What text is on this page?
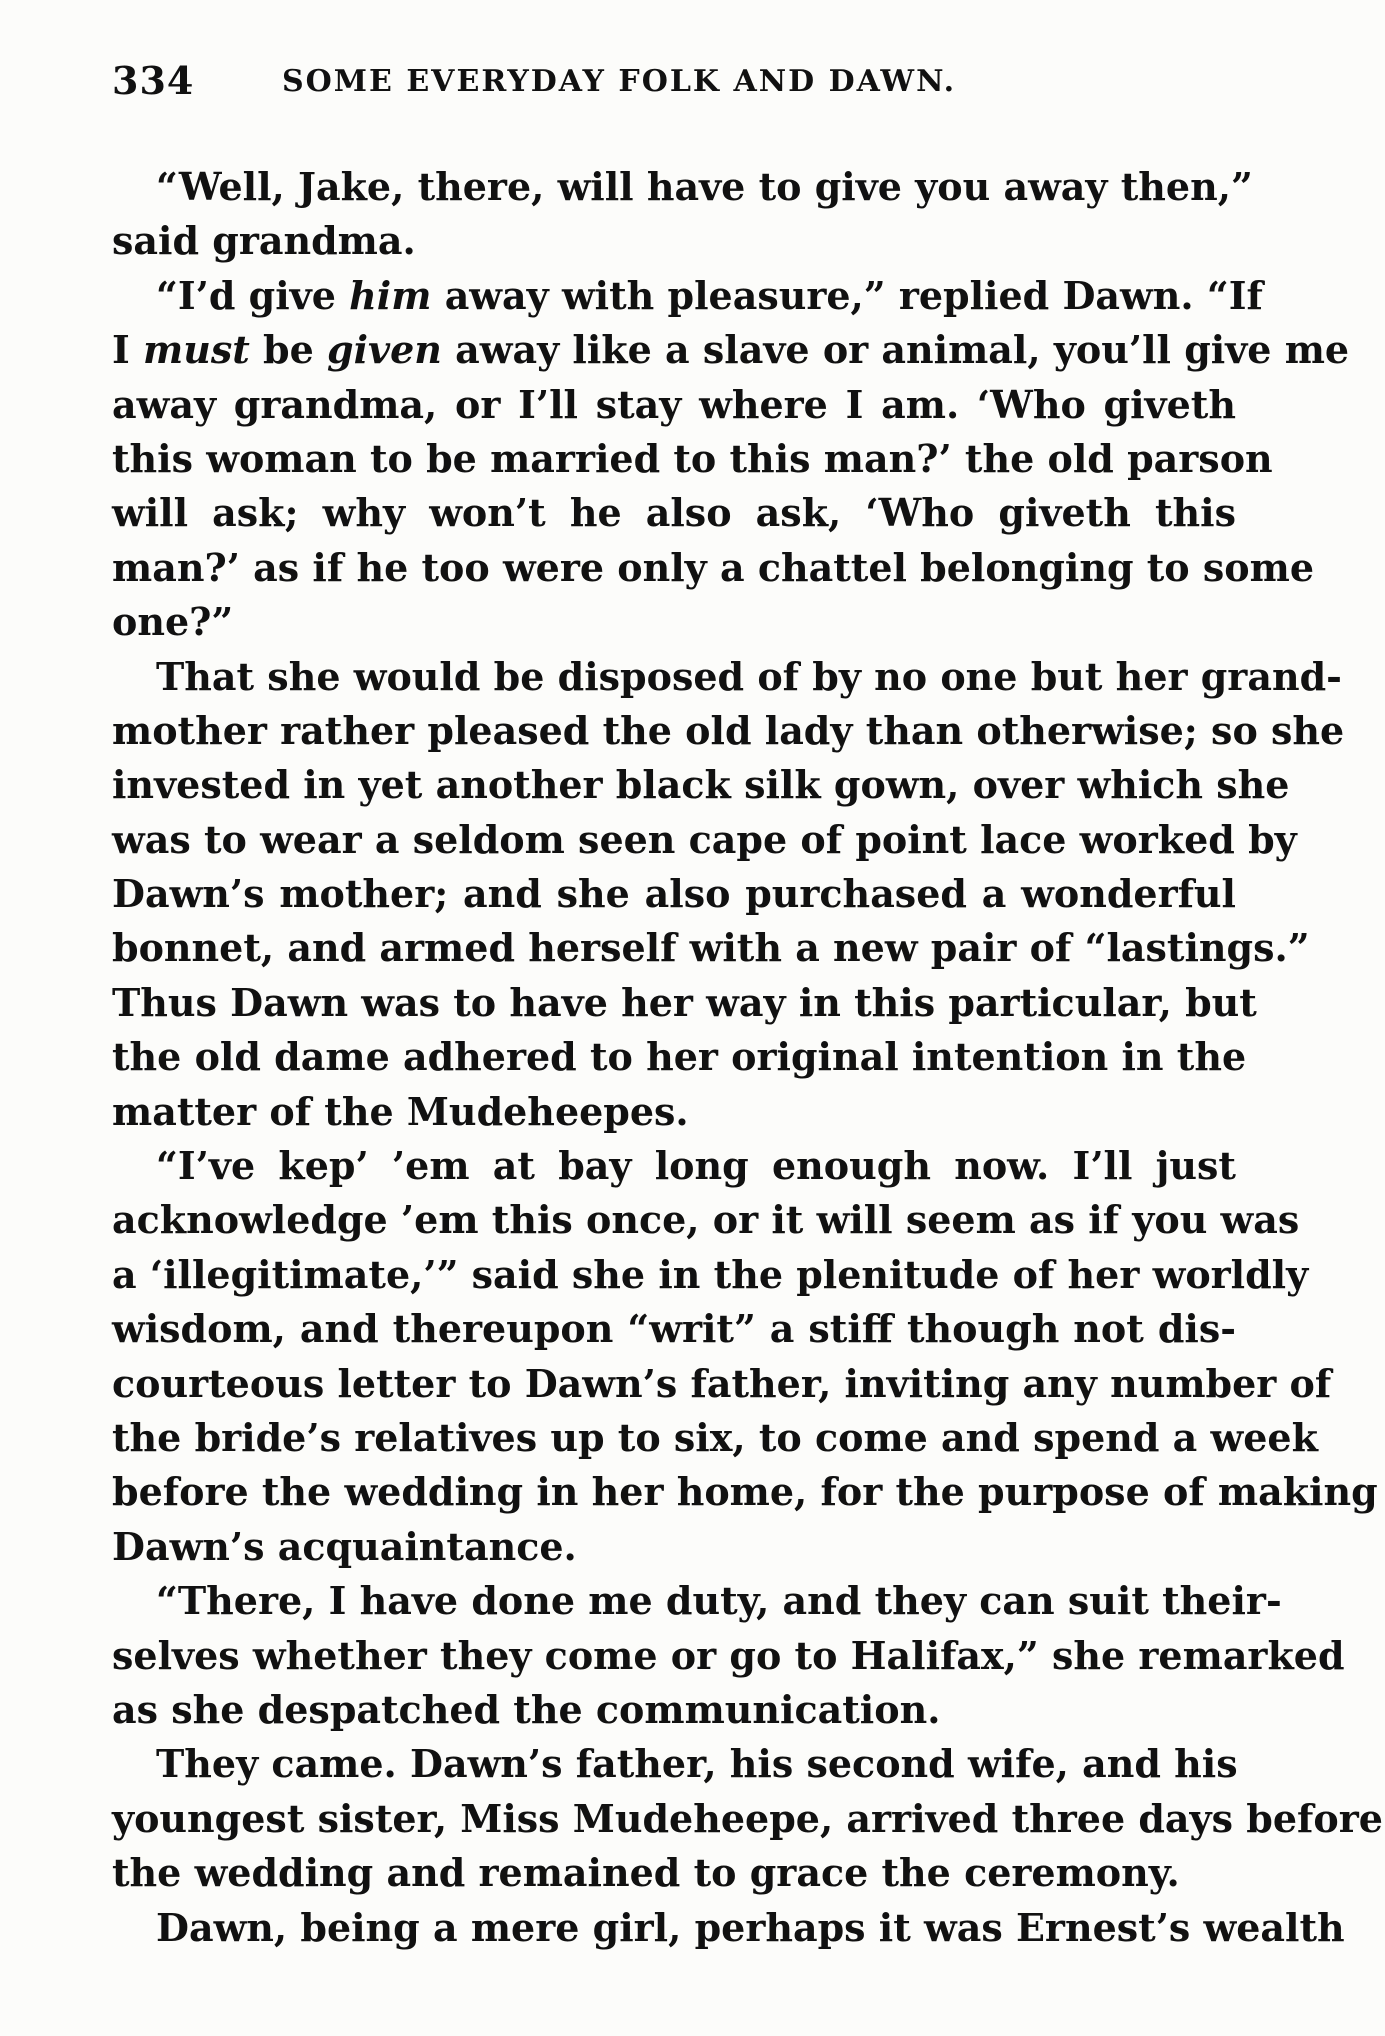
334	SOME EVERYDAY FOLK AND DAWN.
“Well, Jake, there, will have to give you away then,”
said grandma.
“I’d give him away with pleasure,” replied Dawn. “If
I must be given away like a slave or animal, you’ll give me
away grandma, or I’ll stay where I am. ‘Who giveth
this woman to be married to this man?’ the old parson
will ask; why won’t he also ask, ‘Who giveth this
man?’ as if he too were only a chattel belonging to some
one?”
That she would be disposed of by no one but her grand-
mother rather pleased the old lady than otherwise; so she
invested in yet another black silk gown, over which she
was to wear a seldom seen cape of point lace worked by
Dawn’s mother; and she also purchased a wonderful
bonnet, and armed herself with a new pair of “lastings.”
Thus Dawn was to have her way in this particular, but
the old dame adhered to her original intention in the
matter of the Mudeheepes.
“I’ve kep’ ’em at bay long enough now. I’ll just
acknowledge ’em this once, or it will seem as if you was
a ‘illegitimate,’” said she in the plenitude of her worldly
wisdom, and thereupon “writ” a stiff though not dis-
courteous letter to Dawn’s father, inviting any number of
the bride’s relatives up to six, to come and spend a week
before the wedding in her home, for the purpose of making
Dawn’s acquaintance.
“There, I have done me duty, and they can suit their-
selves whether they come or go to Halifax,” she remarked
as she despatched the communication.
They came. Dawn’s father, his second wife, and his
youngest sister, Miss Mudeheepe, arrived three days before
the wedding and remained to grace the ceremony.
Dawn, being a mere girl, perhaps it was Ernest’s wealth
